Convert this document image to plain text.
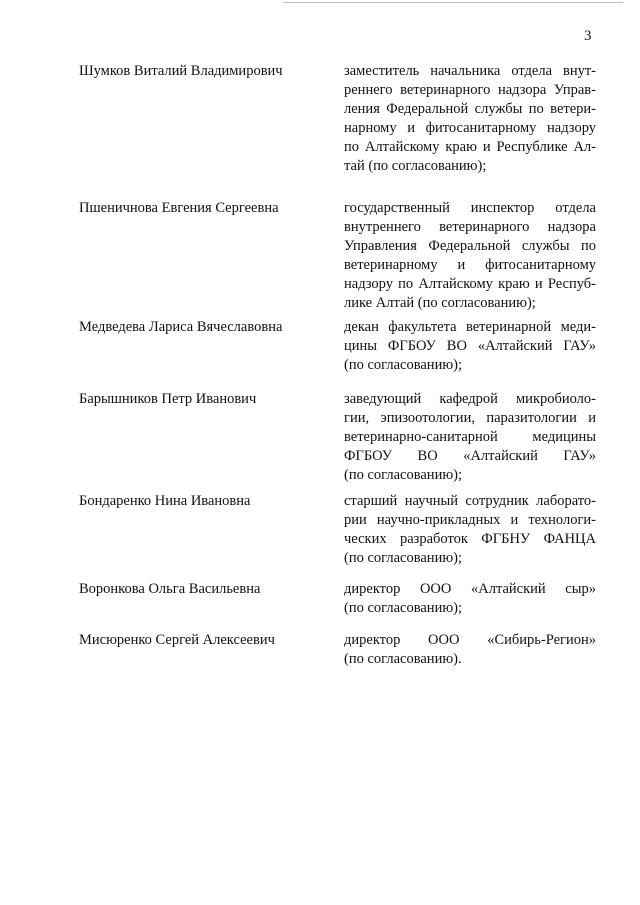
3
Шумков Виталий Владимирович	заместитель начальника отдела внут-
реннего ветеринарного надзора Управ-
ления Федеральной службы по ветери-
нарному и фитосанитарному надзору
по Алтайскому краю и Республике Ал-
тай (по согласованию);
Пшеничнова Евгения Сергеевна	государственный инспектор отдела
внутреннего ветеринарного надзора
Управления Федеральной службы по
ветеринарному и фитосанитарному
надзору по Алтайскому краю и Респуб-
лике Алтай (по согласованию);
Медведева Лариса Вячеславовна	декан факультета ветеринарной меди-
цины ФГБОУ ВО «Алтайский ГАУ»
(по согласованию);
Барышников Петр Иванович	заведующий кафедрой микробиоло-
гии, эпизоотологии, паразитологии и
ветеринарно-санитарной медицины
ФГБОУ ВО «Алтайский ГАУ»
(по согласованию);
Бондаренко Нина Ивановна	старший научный сотрудник лаборато-
рии научно-прикладных и технологи-
ческих разработок ФГБНУ ФАНЦА
(по согласованию);
Воронкова Ольга Васильевна	директор ООО «Алтайский сыр»
(по согласованию);
Мисюренко Сергей Алексеевич	директор ООО «Сибирь-Регион»
(по согласованию).
